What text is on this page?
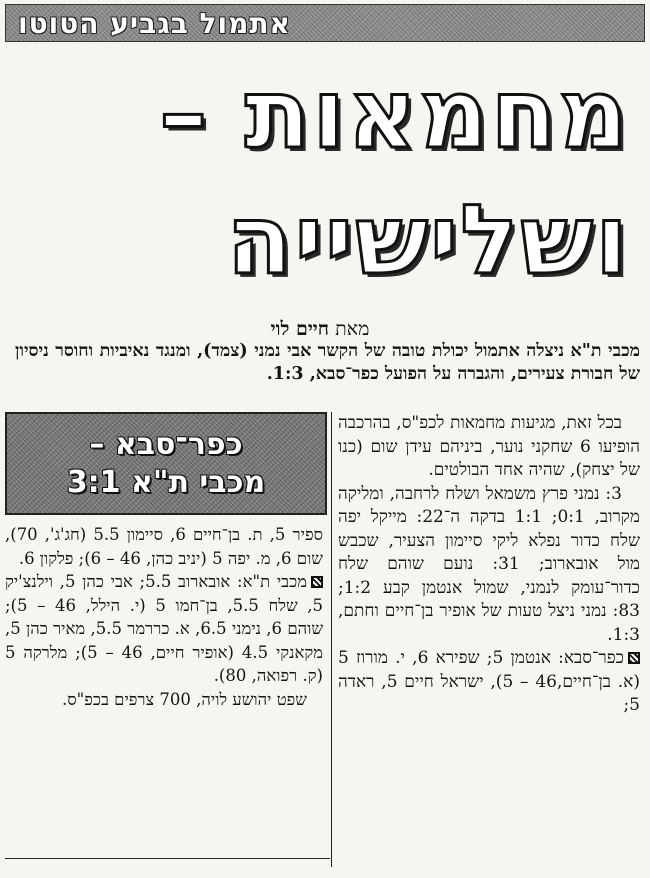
אתמול בגביע הטוטו
מחמאות –
ושלישייה
מאת חיים לוי
מכבי ת"א ניצלה אתמול יכולת טובה של הקשר אבי נמני (צמד), ומנגד נאיביות וחוסר ניסיון של חבורת צעירים, והגברה על הפועל כפר־סבא, 1:3.

בכל זאת, מגיעות מחמאות לכפ"ס, בהרכבה הופיעו 6 שחקני נוער, ביניהם עידן שום (כנו של יצחק), שהיה אחד הבולטים.

3: נמני פרץ משמאל ושלח לרחבה, ומליקה מקרוב, 0:1; 1:1 בדקה ה־22: מייקל יפה שלח כדור נפלא ליקי סיימון הצעיר, שכבש מול אובארוב; 31: נועם שוהם שלח כדור־עומק לנמני, שמול אנטמן קבע 1:2; 83: נמני ניצל טעות של אופיר בן־חיים וחתם, 1:3.

כפר־סבא: אנטמן 5; שפירא 6, י. מורוז 5 (א. בן־חיים,46 – 5), ישראל חיים 5, ראדה 5;

כפר־סבא –
מכבי ת"א 3:1

ספיר 5, ת. בן־חיים 6, סיימון 5.5 (חג'ג', 70), שום 6, מ. יפה 5 (יניב כהן, 46 – 6); פלקון 6.

מכבי ת"א: אובארוב 5.5; אבי כהן 5, וילנצ'יק 5, שלח 5.5, בן־חמו 5 (י. הילל, 46 – 5); שוהם 6, נימני 6.5, א. כררמר 5.5, מאיר כהן 5, מקאנקי 4.5 (אופיר חיים, 46 – 5); מלרקה 5 (ק. רפואה, 80).

שפט יהושע לויה, 700 צרפים בכפ"ס.
